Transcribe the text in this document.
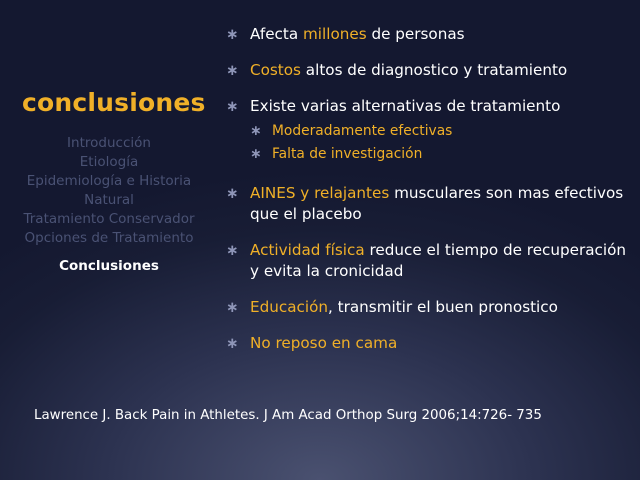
conclusiones
Introducción
Etiología
Epidemiología e Historia Natural
Tratamiento Conservador
Opciones de Tratamiento
Conclusiones
∗ Afecta millones de personas
∗ Costos altos de diagnostico y tratamiento
∗ Existe varias alternativas de tratamiento
∗ Moderadamente efectivas
∗ Falta de investigación
∗ AINES y relajantes musculares son mas efectivos que el placebo
∗ Actividad física reduce el tiempo de recuperación y evita la cronicidad
∗ Educación, transmitir el buen pronostico
∗ No reposo en cama

Lawrence J. Back Pain in Athletes. J Am Acad Orthop Surg 2006;14:726- 735
